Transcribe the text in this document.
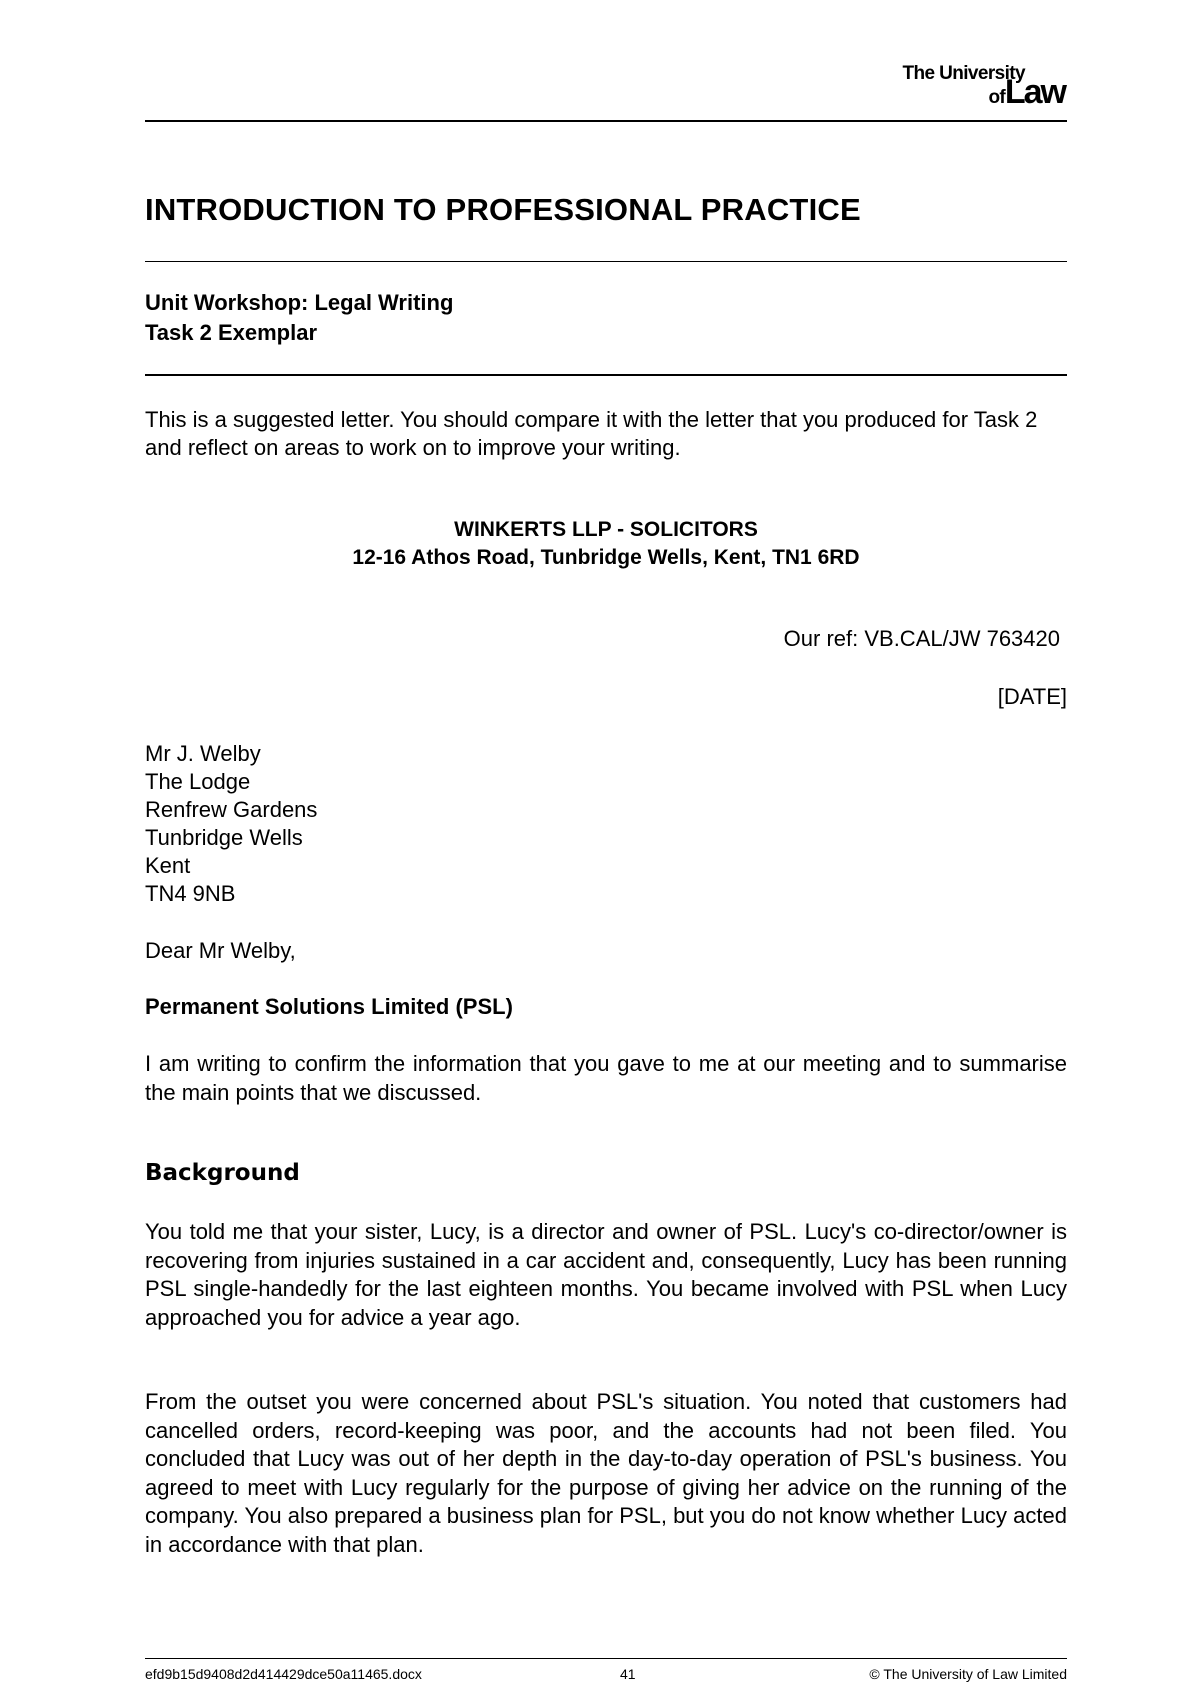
The University
ofLaw
INTRODUCTION TO PROFESSIONAL PRACTICE
Unit Workshop: Legal Writing
Task 2 Exemplar

This is a suggested letter. You should compare it with the letter that you produced for Task 2 and reflect on areas to work on to improve your writing.

WINKERTS LLP - SOLICITORS
12-16 Athos Road, Tunbridge Wells, Kent, TN1 6RD
Our ref: VB.CAL/JW 763420
[DATE]
Mr J. Welby
The Lodge
Renfrew Gardens
Tunbridge Wells
Kent
TN4 9NB
Dear Mr Welby,
Permanent Solutions Limited (PSL)

I am writing to confirm the information that you gave to me at our meeting and to summarise the main points that we discussed.

Background

You told me that your sister, Lucy, is a director and owner of PSL. Lucy's co-director/owner is recovering from injuries sustained in a car accident and, consequently, Lucy has been running PSL single-handedly for the last eighteen months. You became involved with PSL when Lucy approached you for advice a year ago.

From the outset you were concerned about PSL's situation. You noted that customers had cancelled orders, record-keeping was poor, and the accounts had not been filed. You concluded that Lucy was out of her depth in the day-to-day operation of PSL's business. You agreed to meet with Lucy regularly for the purpose of giving her advice on the running of the company. You also prepared a business plan for PSL, but you do not know whether Lucy acted in accordance with that plan.

efd9b15d9408d2d414429dce50a11465.docx	41	© The University of Law Limited
